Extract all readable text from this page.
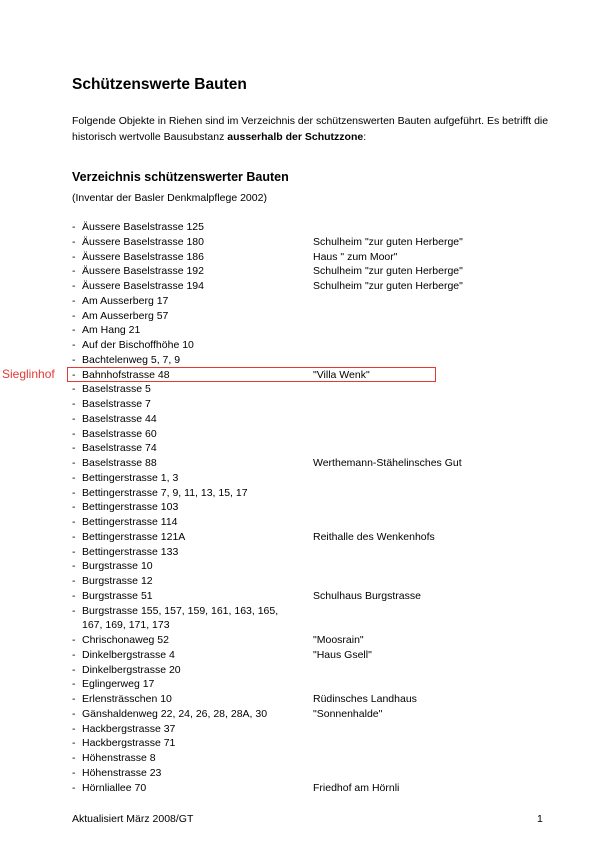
Schützenswerte Bauten

Folgende Objekte in Riehen sind im Verzeichnis der schützenswerten Bauten aufgeführt. Es betrifft die historisch wertvolle Bausubstanz ausserhalb der Schutzzone:

Verzeichnis schützenswerter Bauten

(Inventar der Basler Denkmalpflege 2002)

- Äussere Baselstrasse 125
- Äussere Baselstrasse 180	Schulheim "zur guten Herberge"
- Äussere Baselstrasse 186	Haus " zum Moor"
- Äussere Baselstrasse 192	Schulheim "zur guten Herberge"
- Äussere Baselstrasse 194	Schulheim "zur guten Herberge"
- Am Ausserberg 17
- Am Ausserberg 57
- Am Hang 21
- Auf der Bischoffhöhe 10
- Bachtelenweg 5, 7, 9
- Bahnhofstrasse 48	"Villa Wenk"
- Baselstrasse 5
- Baselstrasse 7
- Baselstrasse 44
- Baselstrasse 60
- Baselstrasse 74
- Baselstrasse 88	Werthemann-Stähelinsches Gut
- Bettingerstrasse 1, 3
- Bettingerstrasse 7, 9, 11, 13, 15, 17
- Bettingerstrasse 103
- Bettingerstrasse 114
- Bettingerstrasse 121A	Reithalle des Wenkenhofs
- Bettingerstrasse 133
- Burgstrasse 10
- Burgstrasse 12
- Burgstrasse 51	Schulhaus Burgstrasse
- Burgstrasse 155, 157, 159, 161, 163, 165,
167, 169, 171, 173
- Chrischonaweg 52	"Moosrain"
- Dinkelbergstrasse 4	"Haus Gsell"
- Dinkelbergstrasse 20
- Eglingerweg 17
- Erlensträsschen 10	Rüdinsches Landhaus
- Gänshaldenweg 22, 24, 26, 28, 28A, 30	"Sonnenhalde"
- Hackbergstrasse 37
- Hackbergstrasse 71
- Höhenstrasse 8
- Höhenstrasse 23
- Hörnliallee 70	Friedhof am Hörnli
Sieglinhof
Aktualisiert März 2008/GT	1
